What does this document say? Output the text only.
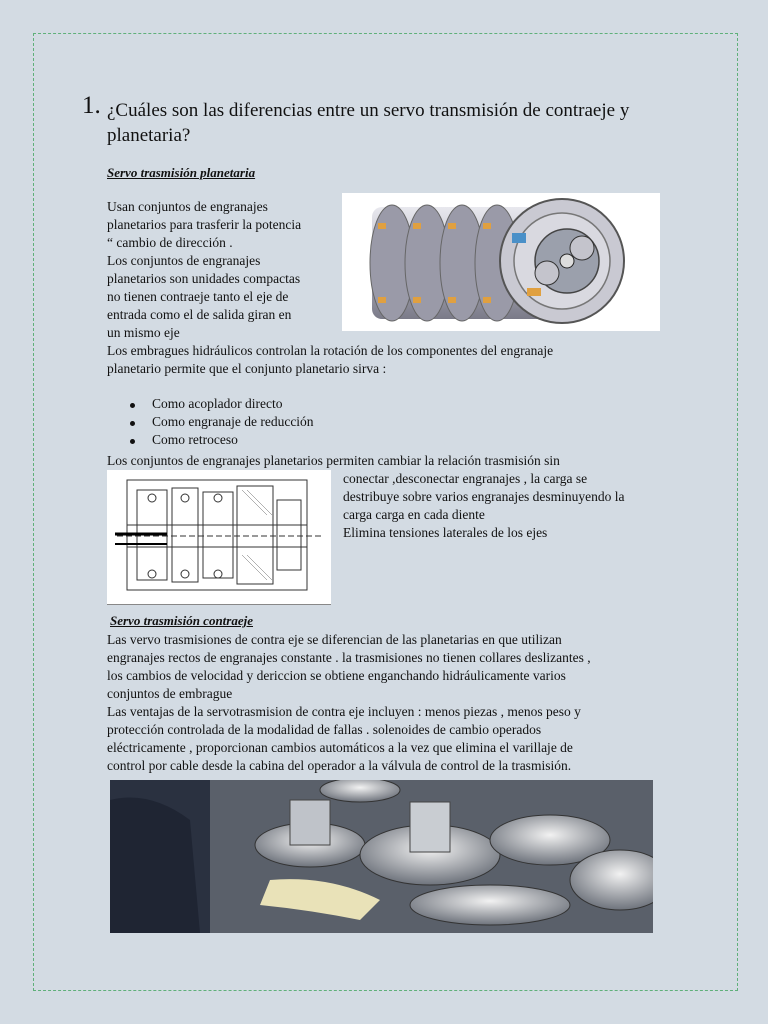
1. ¿Cuáles son las diferencias entre un servo transmisión de contraeje y planetaria?
Servo trasmisión planetaria
Usan conjuntos de engranajes
planetarios para trasferir la potencia
“ cambio de dirección .
Los conjuntos de engranajes
planetarios son unidades compactas
no tienen contraeje tanto el eje de
entrada como el de salida giran en
un mismo eje
Los embragues hidráulicos controlan la rotación de los componentes del engranaje
planetario permite que el conjunto planetario sirva :
Como acoplador directo
Como engranaje de reducción
Como retroceso
Los conjuntos de engranajes planetarios permiten cambiar la relación trasmisión sin
conectar ,desconectar engranajes , la carga se
destribuye sobre varios engranajes desminuyendo la
carga carga en cada diente
Elimina tensiones laterales de los ejes
Servo trasmisión contraeje
Las vervo trasmisiones de contra eje se diferencian de las planetarias en que utilizan
engranajes rectos de engranajes constante . la trasmisiones no tienen collares deslizantes ,
los cambios de velocidad y dericcion se obtiene enganchando hidráulicamente varios
conjuntos de embrague
Las ventajas de la servotrasmision de contra eje incluyen : menos piezas , menos peso y
protección controlada de la modalidad de fallas . solenoides de cambio operados
eléctricamente , proporcionan cambios automáticos a la vez que elimina el varillaje de
control por cable desde la cabina del operador a la válvula de control de la trasmisión.
